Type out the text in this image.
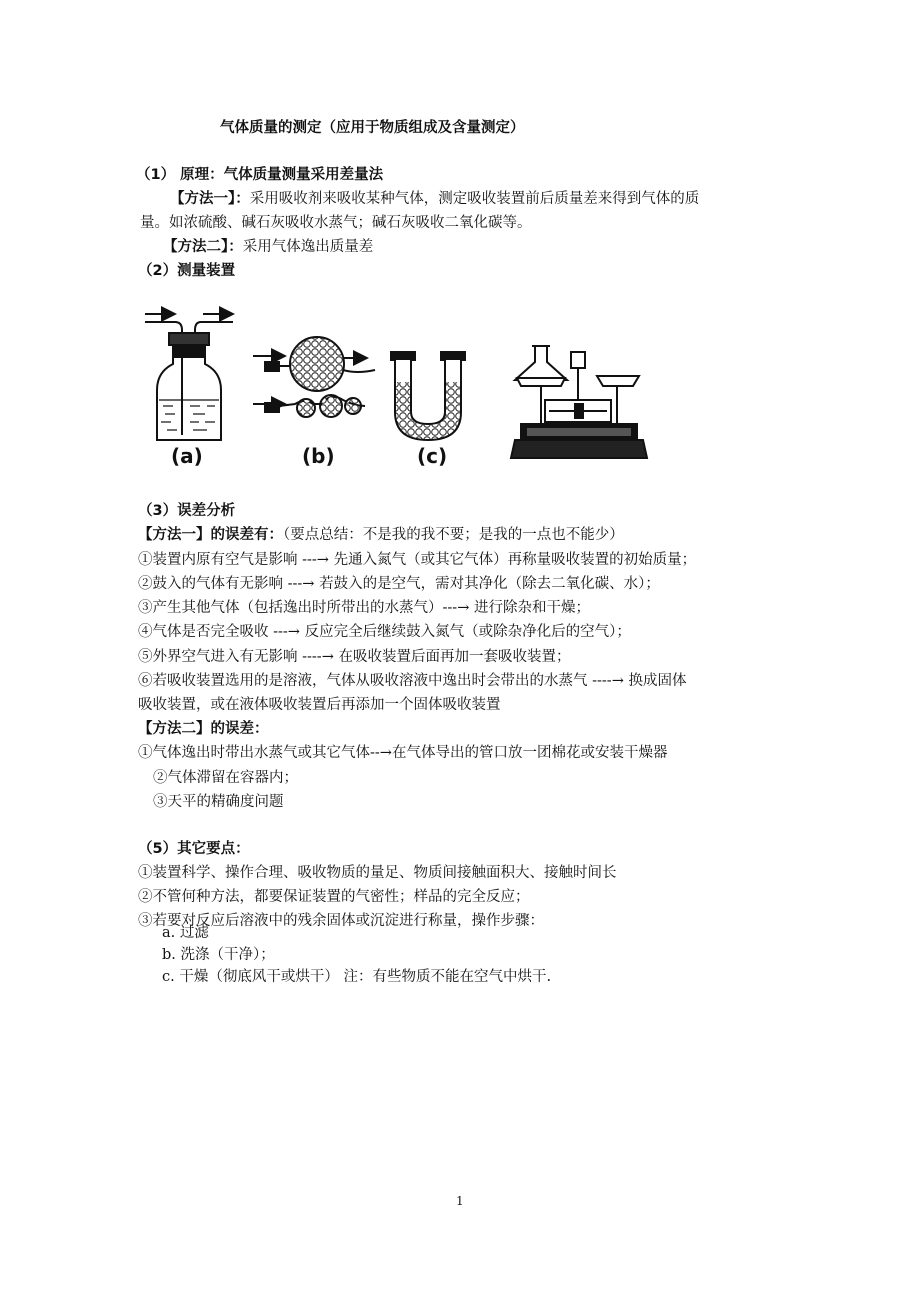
气体质量的测定（应用于物质组成及含量测定）
（1） 原理：气体质量测量采用差量法
【方法一】：采用吸收剂来吸收某种气体，测定吸收装置前后质量差来得到气体的质
量。如浓硫酸、碱石灰吸收水蒸气；碱石灰吸收二氧化碳等。
【方法二】：采用气体逸出质量差
（2）测量装置
(a)	(b)	(c)
（3）误差分析
【方法一】的误差有：（要点总结：不是我的我不要；是我的一点也不能少）
①装置内原有空气是影响 ---→ 先通入氮气（或其它气体）再称量吸收装置的初始质量；
②鼓入的气体有无影响 ---→ 若鼓入的是空气，需对其净化（除去二氧化碳、水）；
③产生其他气体（包括逸出时所带出的水蒸气）---→ 进行除杂和干燥；
④气体是否完全吸收 ---→ 反应完全后继续鼓入氮气（或除杂净化后的空气）；
⑤外界空气进入有无影响 ----→ 在吸收装置后面再加一套吸收装置；
⑥若吸收装置选用的是溶液，气体从吸收溶液中逸出时会带出的水蒸气 ----→ 换成固体
吸收装置，或在液体吸收装置后再添加一个固体吸收装置
【方法二】的误差：
①气体逸出时带出水蒸气或其它气体--→在气体导出的管口放一团棉花或安装干燥器
②气体滞留在容器内；
③天平的精确度问题
（5）其它要点：
①装置科学、操作合理、吸收物质的量足、物质间接触面积大、接触时间长
②不管何种方法，都要保证装置的气密性；样品的完全反应；
③若要对反应后溶液中的残余固体或沉淀进行称量，操作步骤：
a. 过滤
b. 洗涤（干净）；
c. 干燥（彻底风干或烘干） 注：有些物质不能在空气中烘干.
1
